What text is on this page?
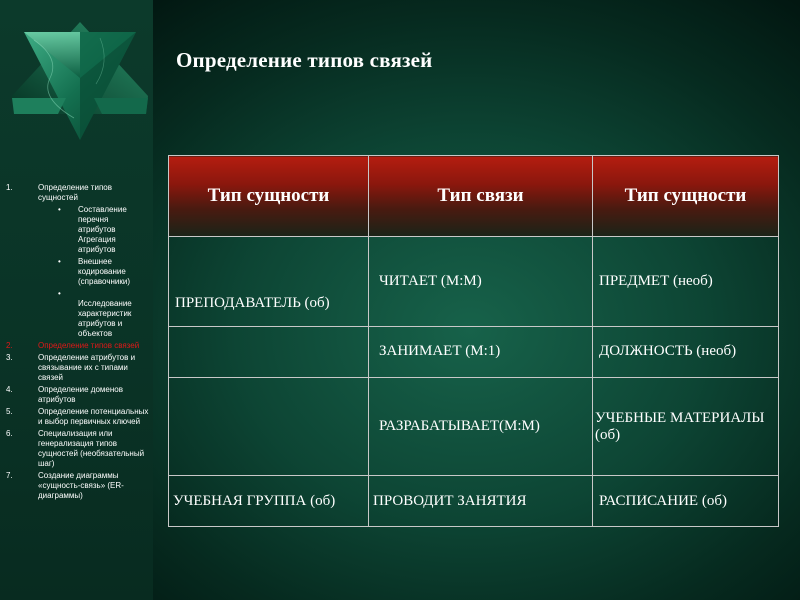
1.	Определение типов сущностей
• Составление перечня атрибутов Агрегация атрибутов
• Внешнее кодирование (справочники)
•
Исследование характеристик атрибутов и объектов
2.	Определение типов связей
3.	Определение атрибутов и связывание их с типами связей
4.	Определение доменов атрибутов
5.	Определение потенциальных и выбор первичных ключей
6.	Специализация или генерализация типов сущностей (необязательный шаг)
7.	Создание диаграммы «сущность-связь» (ER-диаграммы)
Определение типов связей
Тип сущности	Тип связи	Тип сущности
ПРЕПОДАВАТЕЛЬ (об)	ЧИТАЕТ (М:М)	ПРЕДМЕТ (необ)
	ЗАНИМАЕТ (М:1)	ДОЛЖНОСТЬ (необ)
	РАЗРАБАТЫВАЕТ(М:М)	УЧЕБНЫЕ МАТЕРИАЛЫ (об)
УЧЕБНАЯ ГРУППА (об)	ПРОВОДИТ ЗАНЯТИЯ	РАСПИСАНИЕ (об)
